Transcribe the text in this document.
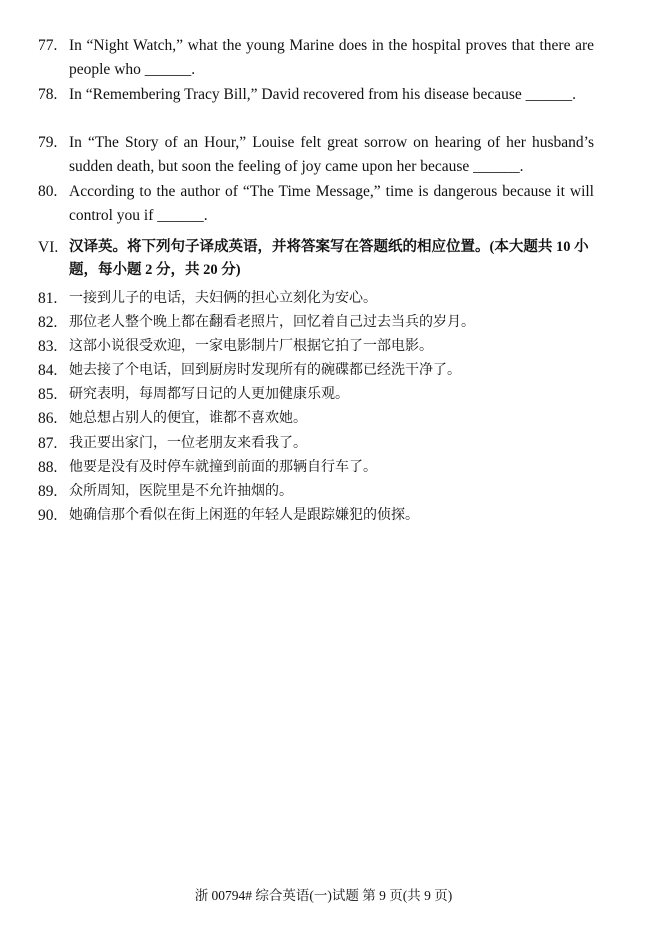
77. In “Night Watch,” what the young Marine does in the hospital proves that there are people who ______.
78. In “Remembering Tracy Bill,” David recovered from his disease because ______.
79. In “The Story of an Hour,” Louise felt great sorrow on hearing of her husband’s sudden death, but soon the feeling of joy came upon her because ______.
80. According to the author of “The Time Message,” time is dangerous because it will control you if ______.
VI. 汉译英。将下列句子译成英语，并将答案写在答题纸的相应位置。(本大题共 10 小题，每小题 2 分，共 20 分)
81. 一接到儿子的电话，夫妇俩的担心立刻化为安心。
82. 那位老人整个晚上都在翻看老照片，回忆着自己过去当兵的岁月。
83. 这部小说很受欢迎，一家电影制片厂根据它拍了一部电影。
84. 她去接了个电话，回到厨房时发现所有的碗碟都已经洗干净了。
85. 研究表明，每周都写日记的人更加健康乐观。
86. 她总想占别人的便宜，谁都不喜欢她。
87. 我正要出家门，一位老朋友来看我了。
88. 他要是没有及时停车就撞到前面的那辆自行车了。
89. 众所周知，医院里是不允许抽烟的。
90. 她确信那个看似在街上闲逛的年轻人是跟踪嫌犯的侦探。
浙 00794# 综合英语(一)试题 第 9 页(共 9 页)
